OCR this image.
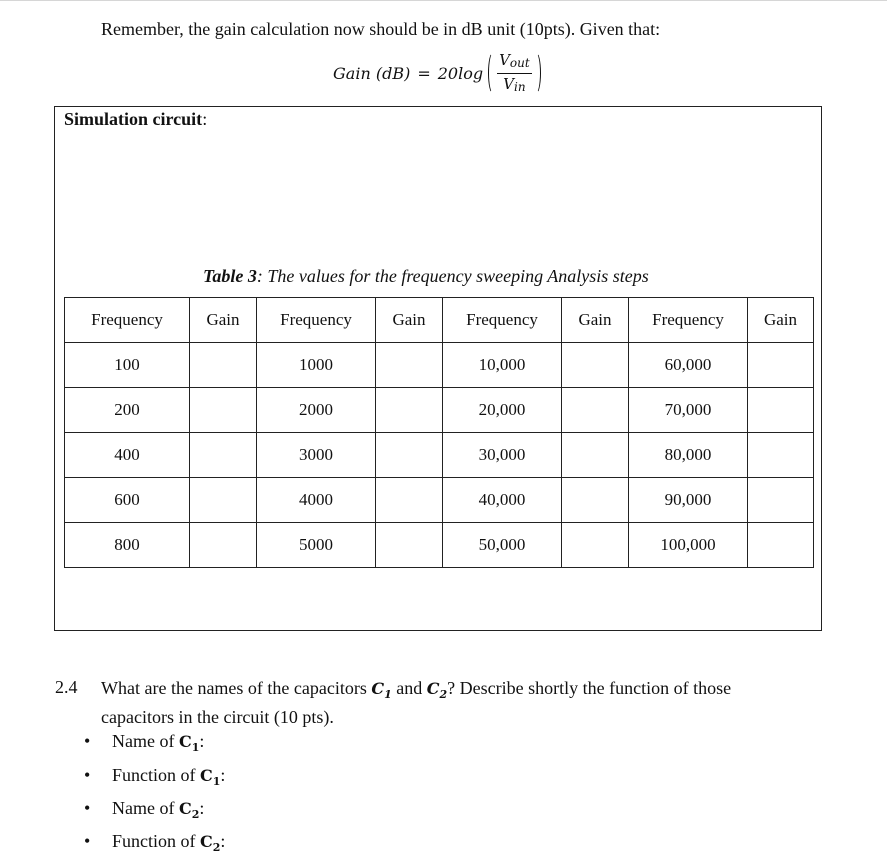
Remember, the gain calculation now should be in dB unit (10pts). Given that:
Gain $(dB) = 20\log \frac{V_{out}}{V_{in}}$
Simulation circuit:
Table 3: The values for the frequency sweeping Analysis steps
Frequency	Gain	Frequency	Gain	Frequency	Gain	Frequency	Gain
100		1000		10,000		60,000	
200		2000		20,000		70,000	
400		3000		30,000		80,000	
600		4000		40,000		90,000	
800		5000		50,000		100,000	
2.4 What are the names of the capacitors $C_1$ and $C_2$? Describe shortly the function of those
capacitors in the circuit (10 pts).
• Name of $C_1$:
• Function of $C_1$:
• Name of $C_2$:
• Function of $C_2$:
